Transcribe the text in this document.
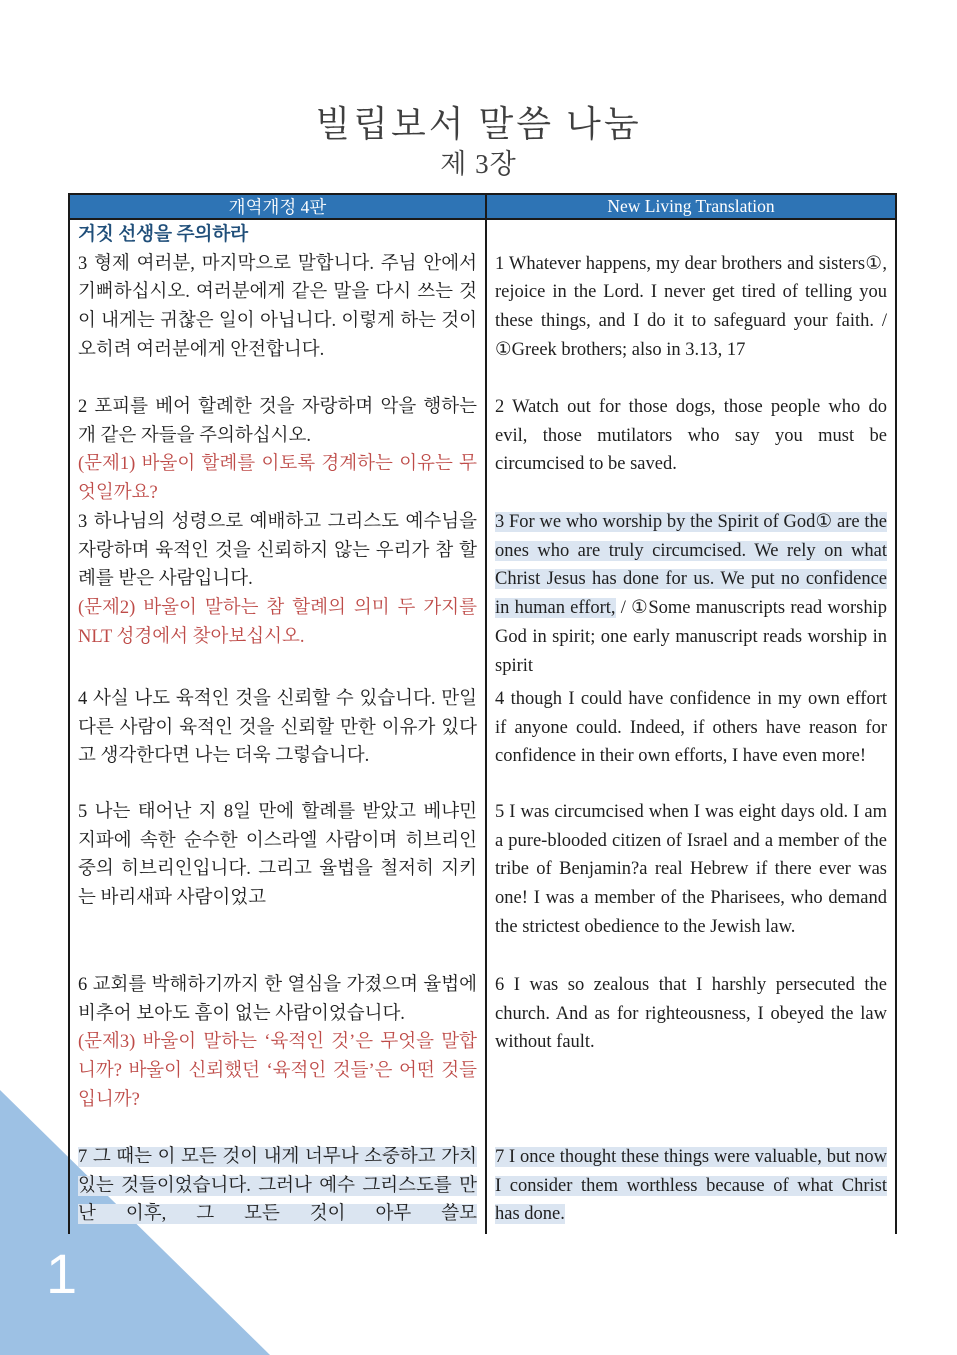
1
빌립보서 말씀 나눔
제 3장
개역개정 4판	New Living Translation

거짓 선생을 주의하라

3 형제 여러분, 마지막으로 말합니다. 주님 안에서 기뻐하십시오. 여러분에게 같은 말을 다시 쓰는 것이 내게는 귀찮은 일이 아닙니다. 이렇게 하는 것이 오히려 여러분에게 안전합니다.

1 Whatever happens, my dear brothers and sisters①, rejoice in the Lord. I never get tired of telling you these things, and I do it to safeguard your faith. / ①Greek brothers; also in 3.13, 17

2 포피를 베어 할례한 것을 자랑하며 악을 행하는 개 같은 자들을 주의하십시오.

(문제1) 바울이 할례를 이토록 경계하는 이유는 무엇일까요?

2 Watch out for those dogs, those people who do evil, those mutilators who say you must be circumcised to be saved.

3 하나님의 성령으로 예배하고 그리스도 예수님을 자랑하며 육적인 것을 신뢰하지 않는 우리가 참 할례를 받은 사람입니다.

(문제2) 바울이 말하는 참 할례의 의미 두 가지를 NLT 성경에서 찾아보십시오.

3 For we who worship by the Spirit of God① are the ones who are truly circumcised. We rely on what Christ Jesus has done for us. We put no confidence in human effort, / ①Some manuscripts read worship God in spirit; one early manuscript reads worship in spirit

4 사실 나도 육적인 것을 신뢰할 수 있습니다. 만일 다른 사람이 육적인 것을 신뢰할 만한 이유가 있다고 생각한다면 나는 더욱 그렇습니다.

4 though I could have confidence in my own effort if anyone could. Indeed, if others have reason for confidence in their own efforts, I have even more!

5 나는 태어난 지 8일 만에 할례를 받았고 베냐민 지파에 속한 순수한 이스라엘 사람이며 히브리인 중의 히브리인입니다. 그리고 율법을 철저히 지키는 바리새파 사람이었고

5 I was circumcised when I was eight days old. I am a pure-blooded citizen of Israel and a member of the tribe of Benjamin?a real Hebrew if there ever was one! I was a member of the Pharisees, who demand the strictest obedience to the Jewish law.

6 교회를 박해하기까지 한 열심을 가졌으며 율법에 비추어 보아도 흠이 없는 사람이었습니다.

(문제3) 바울이 말하는 ‘육적인 것’은 무엇을 말합니까? 바울이 신뢰했던 ‘육적인 것들’은 어떤 것들입니까?

6 I was so zealous that I harshly persecuted the church. And as for righteousness, I obeyed the law without fault.

7 그 때는 이 모든 것이 내게 너무나 소중하고 가치 있는 것들이었습니다. 그러나 예수 그리스도를 만난 이후, 그 모든 것이 아무 쓸모

7 I once thought these things were valuable, but now I consider them worthless because of what Christ has done.
